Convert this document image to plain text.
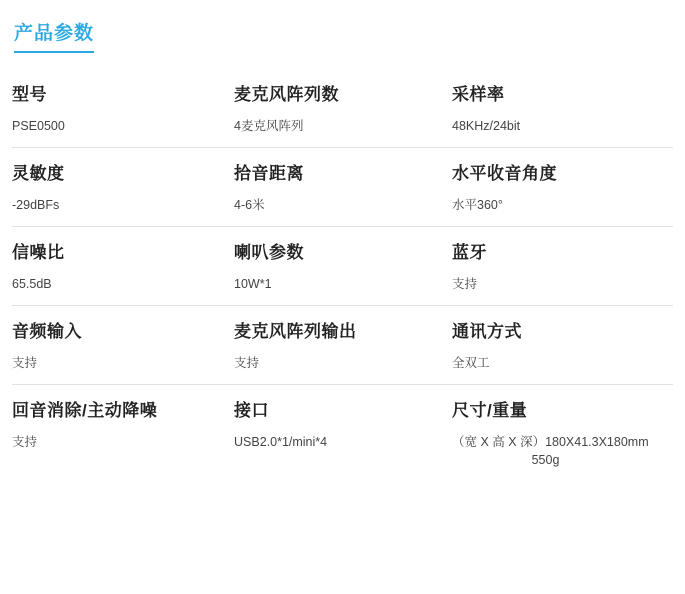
产品参数
型号
PSE0500
麦克风阵列数
4麦克风阵列
采样率
48KHz/24bit
灵敏度
-29dBFs
拾音距离
4-6米
水平收音角度
水平360°
信噪比
65.5dB
喇叭参数
10W*1
蓝牙
支持
音频输入
支持
麦克风阵列输出
支持
通讯方式
全双工
回音消除/主动降噪
支持
接口
USB2.0*1/mini*4
尺寸/重量
（宽 X 高 X 深）180X41.3X180mm
550g
